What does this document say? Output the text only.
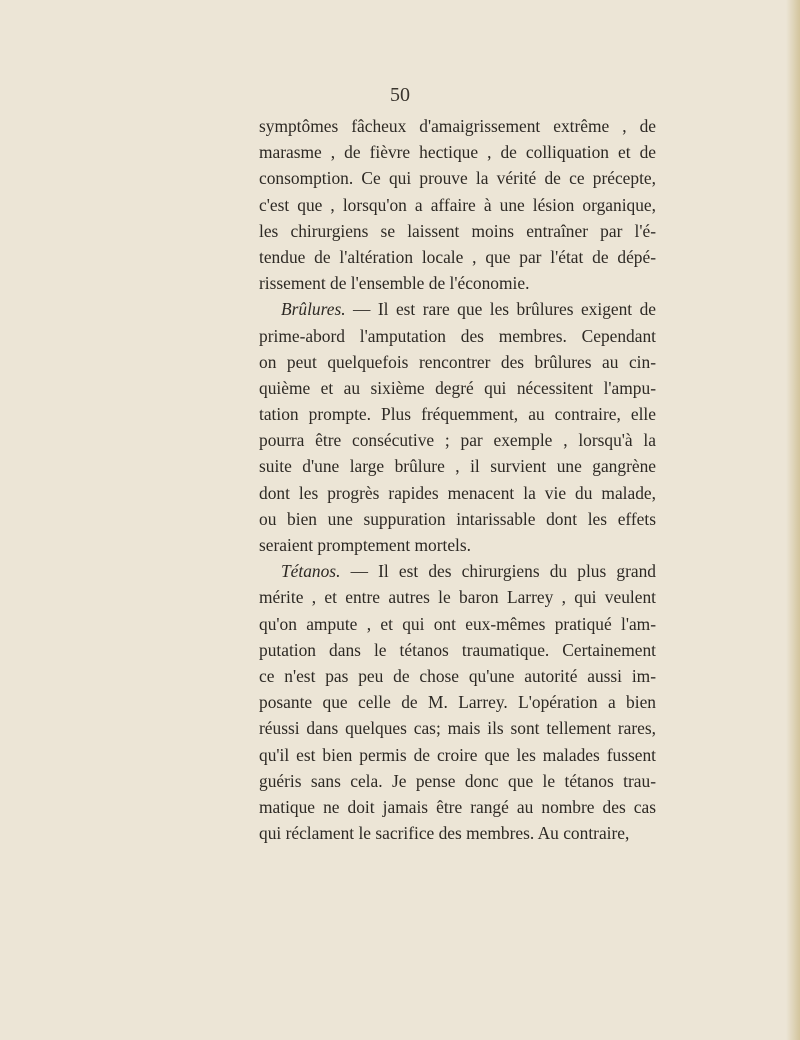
50
symptômes fâcheux d'amaigrissement extrême , de
marasme , de fièvre hectique , de colliquation et de
consomption. Ce qui prouve la vérité de ce précepte,
c'est que , lorsqu'on a affaire à une lésion organique,
les chirurgiens se laissent moins entraîner par l'é-
tendue de l'altération locale , que par l'état de dépé-
rissement de l'ensemble de l'économie.
Brûlures. — Il est rare que les brûlures exigent de
prime-abord l'amputation des membres. Cependant
on peut quelquefois rencontrer des brûlures au cin-
quième et au sixième degré qui nécessitent l'ampu-
tation prompte. Plus fréquemment, au contraire, elle
pourra être consécutive ; par exemple , lorsqu'à la
suite d'une large brûlure , il survient une gangrène
dont les progrès rapides menacent la vie du malade,
ou bien une suppuration intarissable dont les effets
seraient promptement mortels.
Tétanos. — Il est des chirurgiens du plus grand
mérite , et entre autres le baron Larrey , qui veulent
qu'on ampute , et qui ont eux-mêmes pratiqué l'am-
putation dans le tétanos traumatique. Certainement
ce n'est pas peu de chose qu'une autorité aussi im-
posante que celle de M. Larrey. L'opération a bien
réussi dans quelques cas; mais ils sont tellement rares,
qu'il est bien permis de croire que les malades fussent
guéris sans cela. Je pense donc que le tétanos trau-
matique ne doit jamais être rangé au nombre des cas
qui réclament le sacrifice des membres. Au contraire,
